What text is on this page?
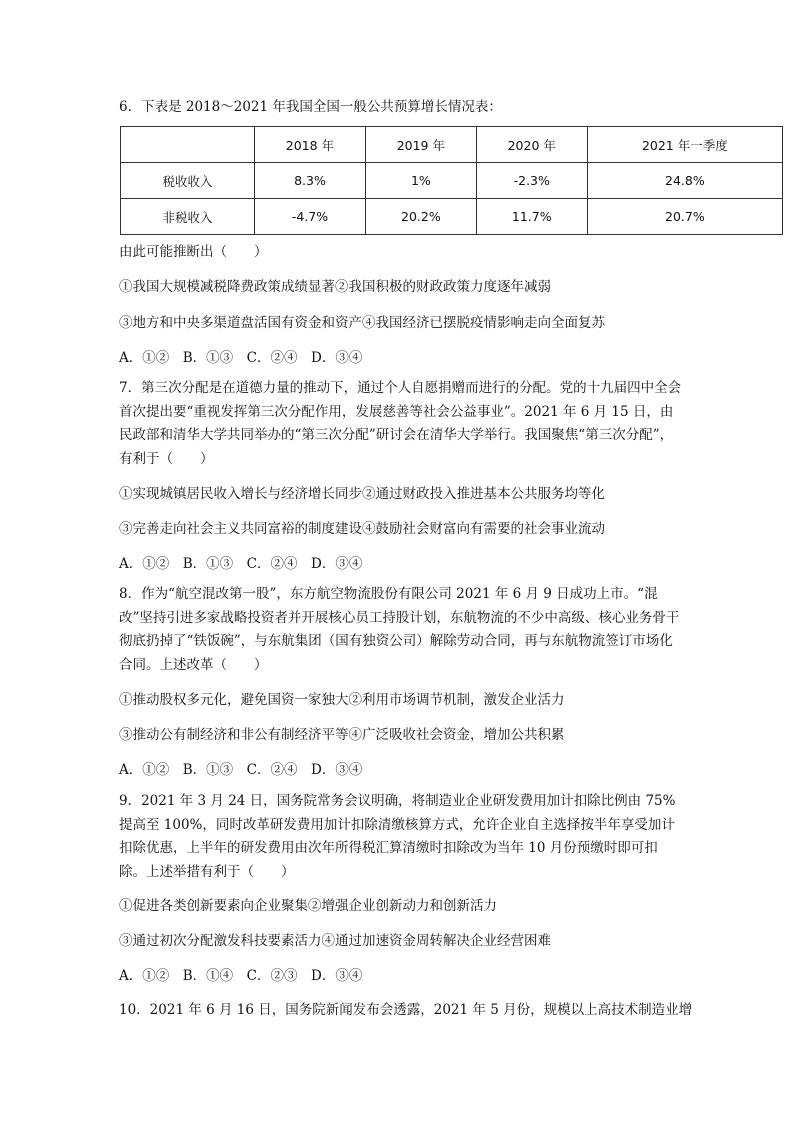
6．下表是 2018～2021 年我国全国一般公共预算增长情况表：
	2018 年	2019 年	2020 年	2021 年一季度
税收收入	8.3%	1%	-2.3%	24.8%
非税收入	-4.7%	20.2%	11.7%	20.7%
由此可能推断出（　　）
①我国大规模减税降费政策成绩显著②我国积极的财政政策力度逐年减弱
③地方和中央多渠道盘活国有资金和资产④我国经济已摆脱疫情影响走向全面复苏
A．①②　B．①③　C．②④　D．③④
7．第三次分配是在道德力量的推动下，通过个人自愿捐赠而进行的分配。党的十九届四中全会首次提出要“重视发挥第三次分配作用，发展慈善等社会公益事业”。2021 年 6 月 15 日，由民政部和清华大学共同举办的“第三次分配”研讨会在清华大学举行。我国聚焦“第三次分配”，有利于（　　）
①实现城镇居民收入增长与经济增长同步②通过财政投入推进基本公共服务均等化
③完善走向社会主义共同富裕的制度建设④鼓励社会财富向有需要的社会事业流动
A．①②　B．①③　C．②④　D．③④
8．作为“航空混改第一股”，东方航空物流股份有限公司 2021 年 6 月 9 日成功上市。“混改”坚持引进多家战略投资者并开展核心员工持股计划，东航物流的不少中高级、核心业务骨干彻底扔掉了“铁饭碗”，与东航集团（国有独资公司）解除劳动合同，再与东航物流签订市场化合同。上述改革（　　）
①推动股权多元化，避免国资一家独大②利用市场调节机制，激发企业活力
③推动公有制经济和非公有制经济平等④广泛吸收社会资金，增加公共积累
A．①②　B．①③　C．②④　D．③④
9．2021 年 3 月 24 日，国务院常务会议明确，将制造业企业研发费用加计扣除比例由 75%提高至 100%，同时改革研发费用加计扣除清缴核算方式，允许企业自主选择按半年享受加计扣除优惠，上半年的研发费用由次年所得税汇算清缴时扣除改为当年 10 月份预缴时即可扣除。上述举措有利于（　　）
①促进各类创新要素向企业聚集②增强企业创新动力和创新活力
③通过初次分配激发科技要素活力④通过加速资金周转解决企业经营困难
A．①②　B．①④　C．②③　D．③④
10．2021 年 6 月 16 日，国务院新闻发布会透露，2021 年 5 月份，规模以上高技术制造业增
